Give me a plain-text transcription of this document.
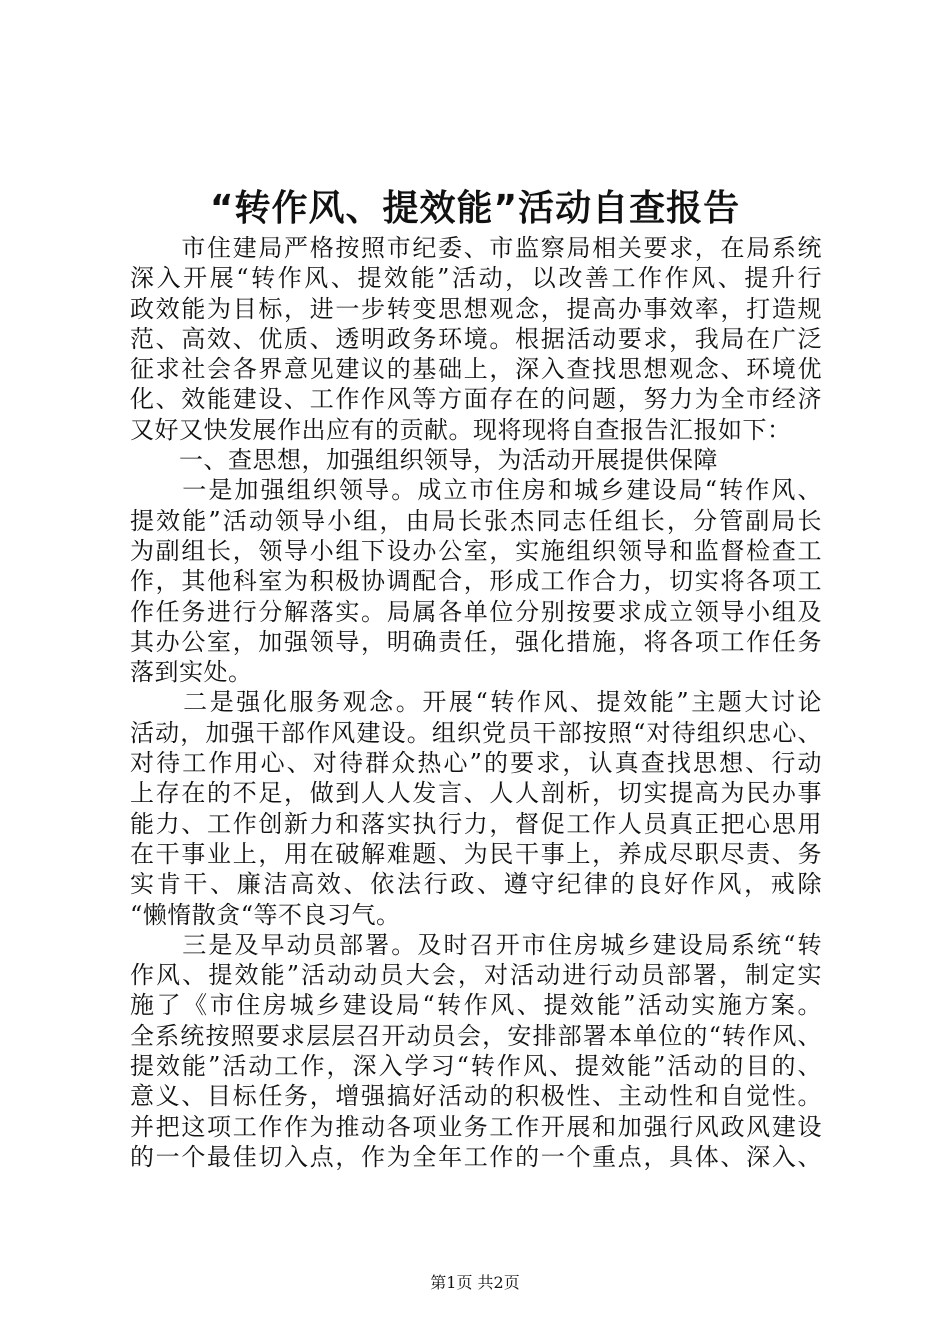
“转作风、提效能”活动自查报告
　　市住建局严格按照市纪委、市监察局相关要求，在局系统
深入开展“转作风、提效能”活动，以改善工作作风、提升行
政效能为目标，进一步转变思想观念，提高办事效率，打造规
范、高效、优质、透明政务环境。根据活动要求，我局在广泛
征求社会各界意见建议的基础上，深入查找思想观念、环境优
化、效能建设、工作作风等方面存在的问题，努力为全市经济
又好又快发展作出应有的贡献。现将现将自查报告汇报如下：
　　一、查思想，加强组织领导，为活动开展提供保障
　　一是加强组织领导。成立市住房和城乡建设局“转作风、
提效能”活动领导小组，由局长张杰同志任组长，分管副局长
为副组长，领导小组下设办公室，实施组织领导和监督检查工
作，其他科室为积极协调配合，形成工作合力，切实将各项工
作任务进行分解落实。局属各单位分别按要求成立领导小组及
其办公室，加强领导，明确责任，强化措施，将各项工作任务
落到实处。
　　二是强化服务观念。开展“转作风、提效能”主题大讨论
活动，加强干部作风建设。组织党员干部按照“对待组织忠心、
对待工作用心、对待群众热心”的要求，认真查找思想、行动
上存在的不足，做到人人发言、人人剖析，切实提高为民办事
能力、工作创新力和落实执行力，督促工作人员真正把心思用
在干事业上，用在破解难题、为民干事上，养成尽职尽责、务
实肯干、廉洁高效、依法行政、遵守纪律的良好作风，戒除
“懒惰散贪“等不良习气。
　　三是及早动员部署。及时召开市住房城乡建设局系统“转
作风、提效能”活动动员大会，对活动进行动员部署，制定实
施了《市住房城乡建设局“转作风、提效能”活动实施方案。
全系统按照要求层层召开动员会，安排部署本单位的“转作风、
提效能”活动工作，深入学习“转作风、提效能”活动的目的、
意义、目标任务，增强搞好活动的积极性、主动性和自觉性。
并把这项工作作为推动各项业务工作开展和加强行风政风建设
的一个最佳切入点，作为全年工作的一个重点，具体、深入、
第1页 共2页
